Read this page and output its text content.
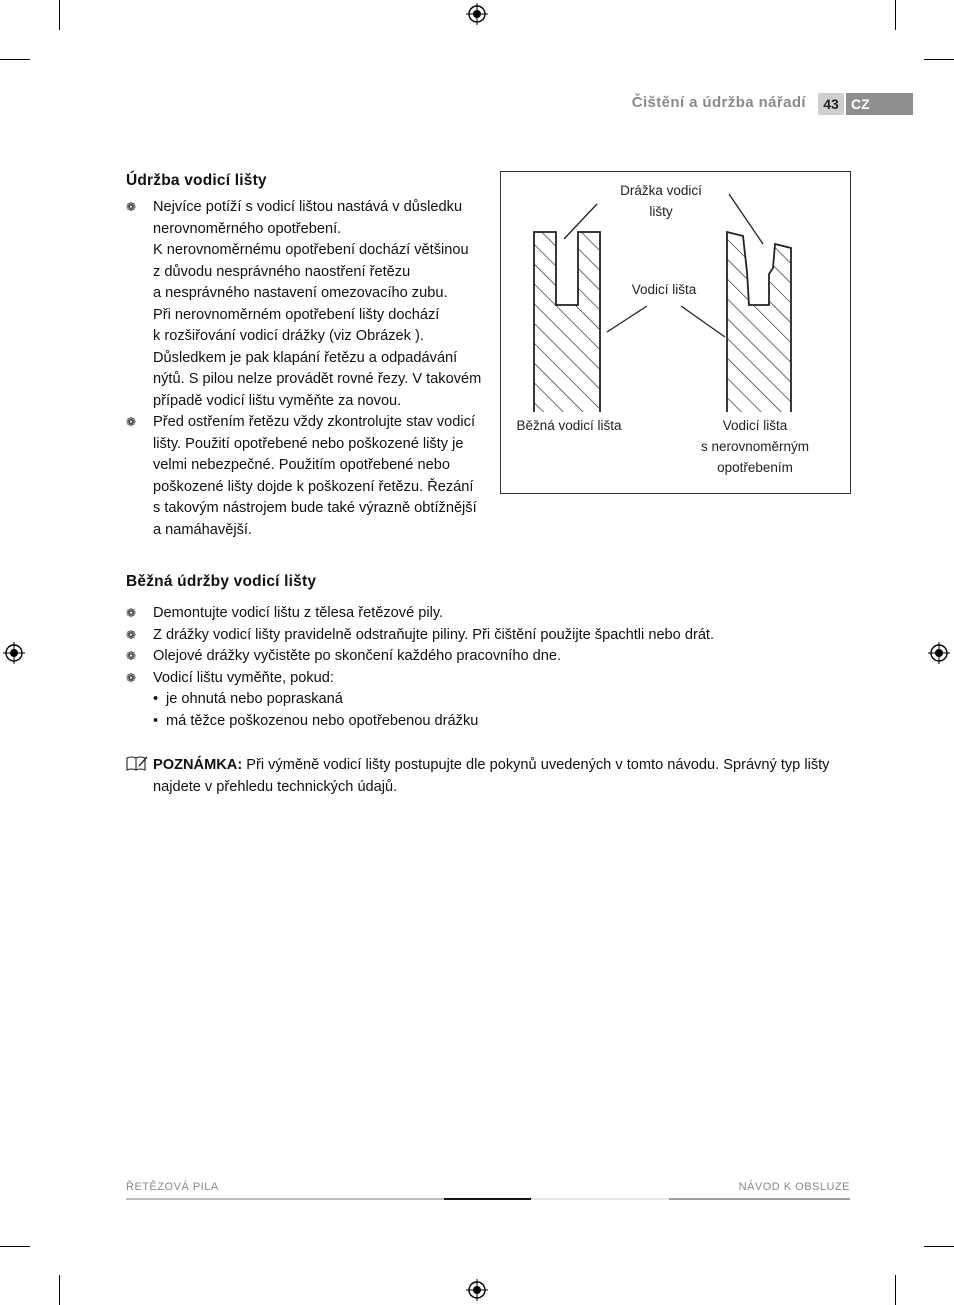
Čištění a údržba nářadí	43 CZ
Údržba vodicí lišty
❁ Nejvíce potíží s vodicí lištou nastává v důsledku
nerovnoměrného opotřebení.
K nerovnoměrnému opotřebení dochází většinou
z důvodu nesprávného naostření řetězu
a nesprávného nastavení omezovacího zubu.
Při nerovnoměrném opotřebení lišty dochází
k rozšiřování vodicí drážky (viz Obrázek ).
Důsledkem je pak klapání řetězu a odpadávání
nýtů. S pilou nelze provádět rovné řezy. V takovém
případě vodicí lištu vyměňte za novou.
❁ Před ostřením řetězu vždy zkontrolujte stav vodicí
lišty. Použití opotřebené nebo poškozené lišty je
velmi nebezpečné. Použitím opotřebené nebo
poškozené lišty dojde k poškození řetězu. Řezání
s takovým nástrojem bude také výrazně obtížnější
a namáhavější.
Drážka vodicí
lišty
Vodicí lišta
Běžná vodicí lišta	Vodicí lišta
s nerovnoměrným
opotřebením
Běžná údržby vodicí lišty
❁ Demontujte vodicí lištu z tělesa řetězové pily.
❁ Z drážky vodicí lišty pravidelně odstraňujte piliny. Při čištění použijte špachtli nebo drát.
❁ Olejové drážky vyčistěte po skončení každého pracovního dne.
❁ Vodicí lištu vyměňte, pokud:
• je ohnutá nebo popraskaná
• má těžce poškozenou nebo opotřebenou drážku
POZNÁMKA: Při výměně vodicí lišty postupujte dle pokynů uvedených v tomto návodu. Správný typ lišty
najdete v přehledu technických údajů.
ŘETĚZOVÁ PILA	NÁVOD K OBSLUZE
